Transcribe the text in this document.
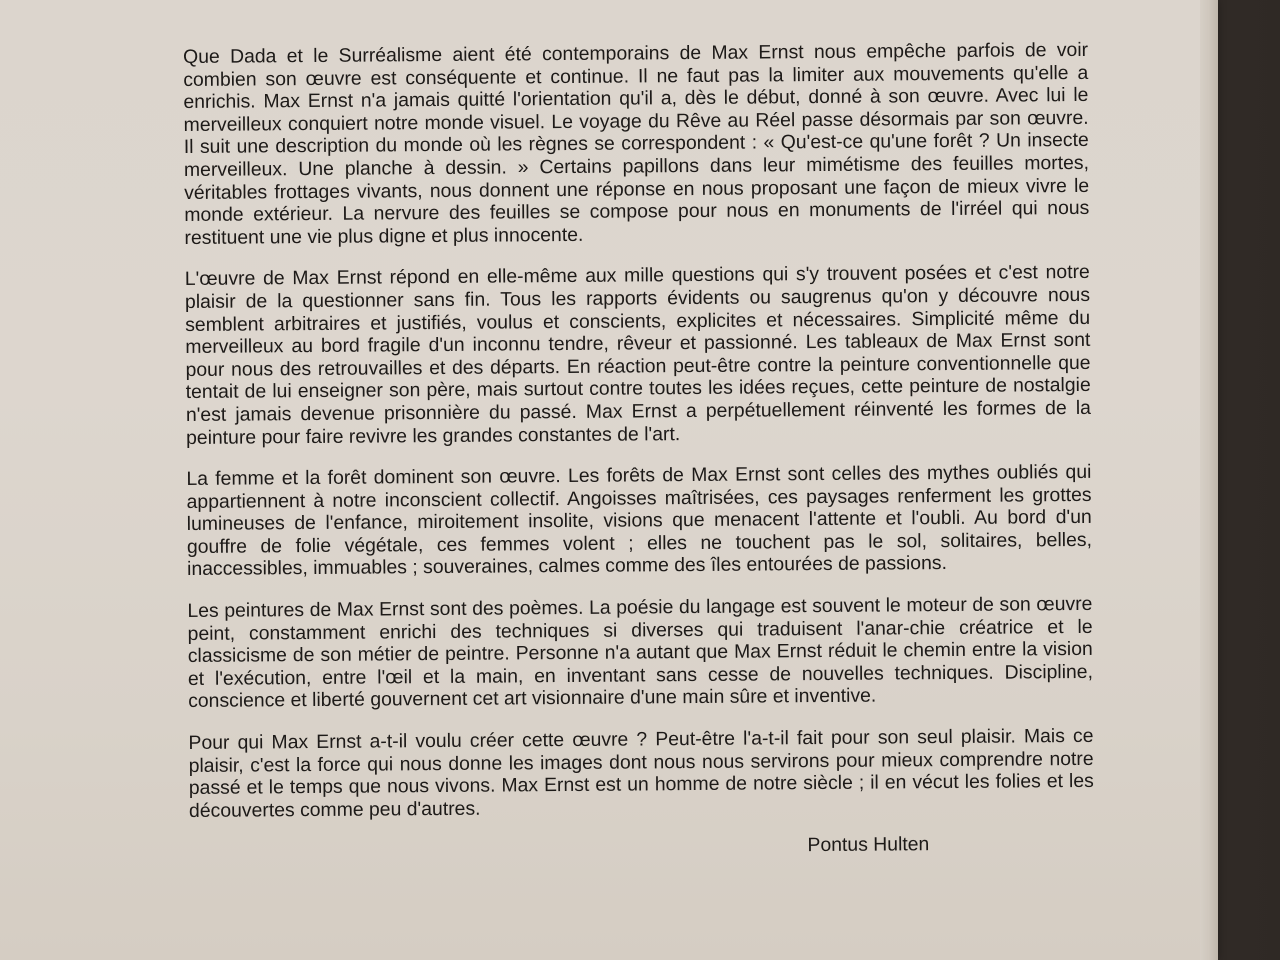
Que Dada et le Surréalisme aient été contemporains de Max Ernst nous empêche parfois de voir combien son œuvre est conséquente et continue. Il ne faut pas la limiter aux mouvements qu'elle a enrichis. Max Ernst n'a jamais quitté l'orientation qu'il a, dès le début, donné à son œuvre. Avec lui le merveilleux conquiert notre monde visuel. Le voyage du Rêve au Réel passe désormais par son œuvre. Il suit une description du monde où les règnes se correspondent : « Qu'est-ce qu'une forêt ? Un insecte merveilleux. Une planche à dessin. » Certains papillons dans leur mimétisme des feuilles mortes, véritables frottages vivants, nous donnent une réponse en nous proposant une façon de mieux vivre le monde extérieur. La nervure des feuilles se compose pour nous en monuments de l'irréel qui nous restituent une vie plus digne et plus innocente.

L'œuvre de Max Ernst répond en elle-même aux mille questions qui s'y trouvent posées et c'est notre plaisir de la questionner sans fin. Tous les rapports évidents ou saugrenus qu'on y découvre nous semblent arbitraires et justifiés, voulus et conscients, explicites et nécessaires. Simplicité même du merveilleux au bord fragile d'un inconnu tendre, rêveur et passionné. Les tableaux de Max Ernst sont pour nous des retrouvailles et des départs. En réaction peut-être contre la peinture conventionnelle que tentait de lui enseigner son père, mais surtout contre toutes les idées reçues, cette peinture de nostalgie n'est jamais devenue prisonnière du passé. Max Ernst a perpétuellement réinventé les formes de la peinture pour faire revivre les grandes constantes de l'art.

La femme et la forêt dominent son œuvre. Les forêts de Max Ernst sont celles des mythes oubliés qui appartiennent à notre inconscient collectif. Angoisses maîtrisées, ces paysages renferment les grottes lumineuses de l'enfance, miroitement insolite, visions que menacent l'attente et l'oubli. Au bord d'un gouffre de folie végétale, ces femmes volent ; elles ne touchent pas le sol, solitaires, belles, inaccessibles, immuables ; souveraines, calmes comme des îles entourées de passions.

Les peintures de Max Ernst sont des poèmes. La poésie du langage est souvent le moteur de son œuvre peint, constamment enrichi des techniques si diverses qui traduisent l'anar-chie créatrice et le classicisme de son métier de peintre. Personne n'a autant que Max Ernst réduit le chemin entre la vision et l'exécution, entre l'œil et la main, en inventant sans cesse de nouvelles techniques. Discipline, conscience et liberté gouvernent cet art visionnaire d'une main sûre et inventive.

Pour qui Max Ernst a-t-il voulu créer cette œuvre ? Peut-être l'a-t-il fait pour son seul plaisir. Mais ce plaisir, c'est la force qui nous donne les images dont nous nous servirons pour mieux comprendre notre passé et le temps que nous vivons. Max Ernst est un homme de notre siècle ; il en vécut les folies et les découvertes comme peu d'autres.

Pontus Hulten
